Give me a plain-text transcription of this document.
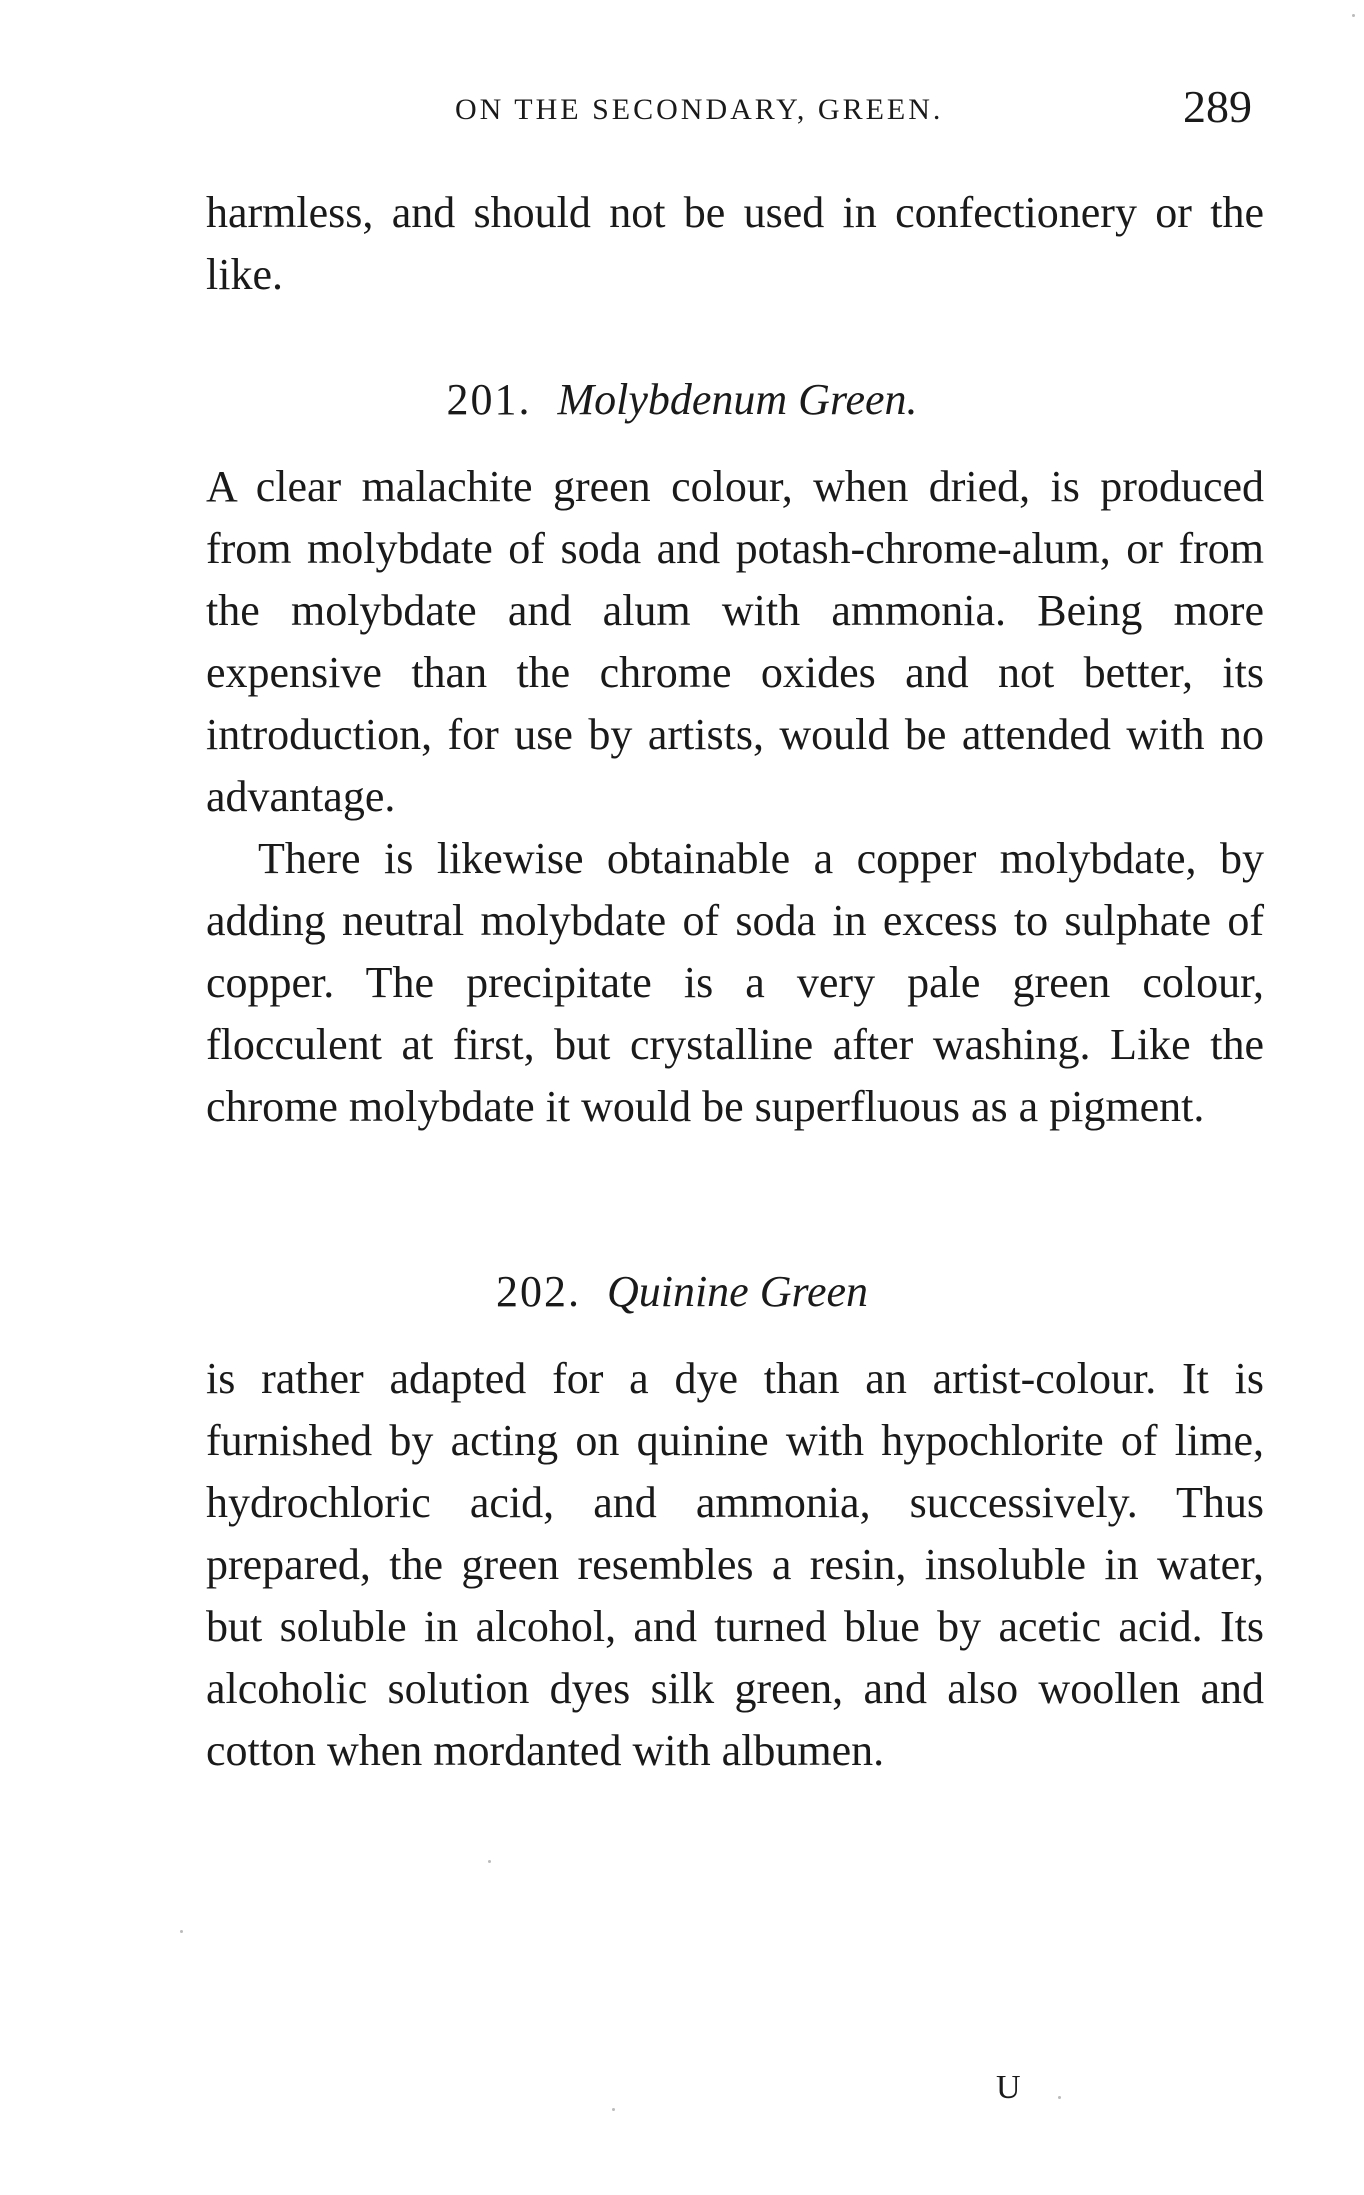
ON THE SECONDARY, GREEN.	289

harmless, and should not be used in confectionery or the like.

201. Molybdenum Green.

A clear malachite green colour, when dried, is produced from molybdate of soda and potash-chrome-alum, or from the molybdate and alum with ammonia. Being more expensive than the chrome oxides and not better, its introduction, for use by artists, would be attended with no advantage.

There is likewise obtainable a copper molybdate, by adding neutral molybdate of soda in excess to sulphate of copper. The precipitate is a very pale green colour, flocculent at first, but crystalline after washing. Like the chrome molybdate it would be superfluous as a pigment.

202. Quinine Green

is rather adapted for a dye than an artist-colour. It is furnished by acting on quinine with hypochlorite of lime, hydrochloric acid, and ammonia, successively. Thus prepared, the green resembles a resin, insoluble in water, but soluble in alcohol, and turned blue by acetic acid. Its alcoholic solution dyes silk green, and also woollen and cotton when mordanted with albumen.

U
